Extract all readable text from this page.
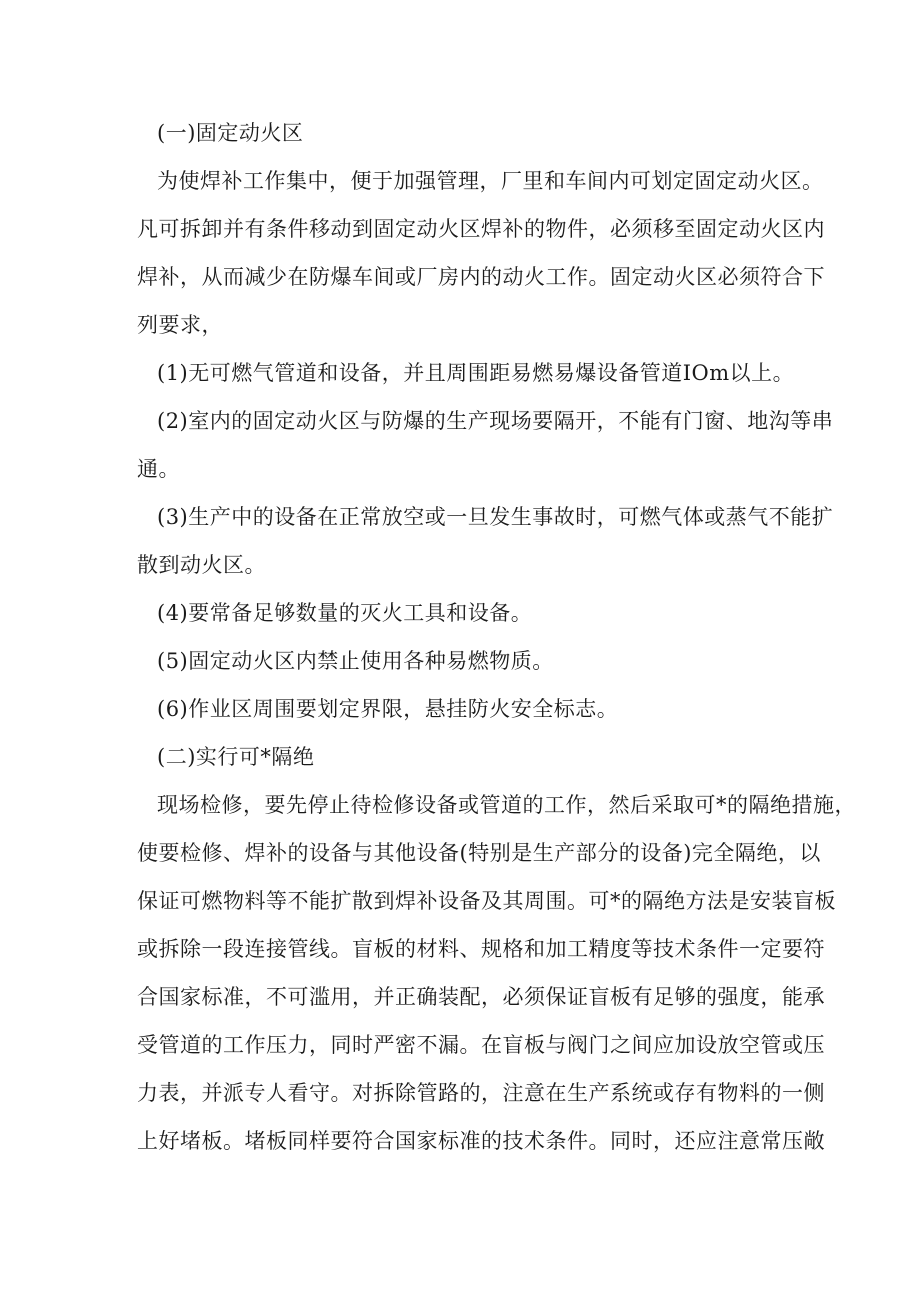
(一)固定动火区
为使焊补工作集中，便于加强管理，厂里和车间内可划定固定动火区。
凡可拆卸并有条件移动到固定动火区焊补的物件，必须移至固定动火区内
焊补，从而减少在防爆车间或厂房内的动火工作。固定动火区必须符合下
列要求，
(1)无可燃气管道和设备，并且周围距易燃易爆设备管道IOm以上。
(2)室内的固定动火区与防爆的生产现场要隔开，不能有门窗、地沟等串
通。
(3)生产中的设备在正常放空或一旦发生事故时，可燃气体或蒸气不能扩
散到动火区。
(4)要常备足够数量的灭火工具和设备。
(5)固定动火区内禁止使用各种易燃物质。
(6)作业区周围要划定界限，悬挂防火安全标志。
(二)实行可*隔绝
现场检修，要先停止待检修设备或管道的工作，然后采取可*的隔绝措施，
使要检修、焊补的设备与其他设备(特别是生产部分的设备)完全隔绝，以
保证可燃物料等不能扩散到焊补设备及其周围。可*的隔绝方法是安装盲板
或拆除一段连接管线。盲板的材料、规格和加工精度等技术条件一定要符
合国家标准，不可滥用，并正确装配，必须保证盲板有足够的强度，能承
受管道的工作压力，同时严密不漏。在盲板与阀门之间应加设放空管或压
力表，并派专人看守。对拆除管路的，注意在生产系统或存有物料的一侧
上好堵板。堵板同样要符合国家标准的技术条件。同时，还应注意常压敞
